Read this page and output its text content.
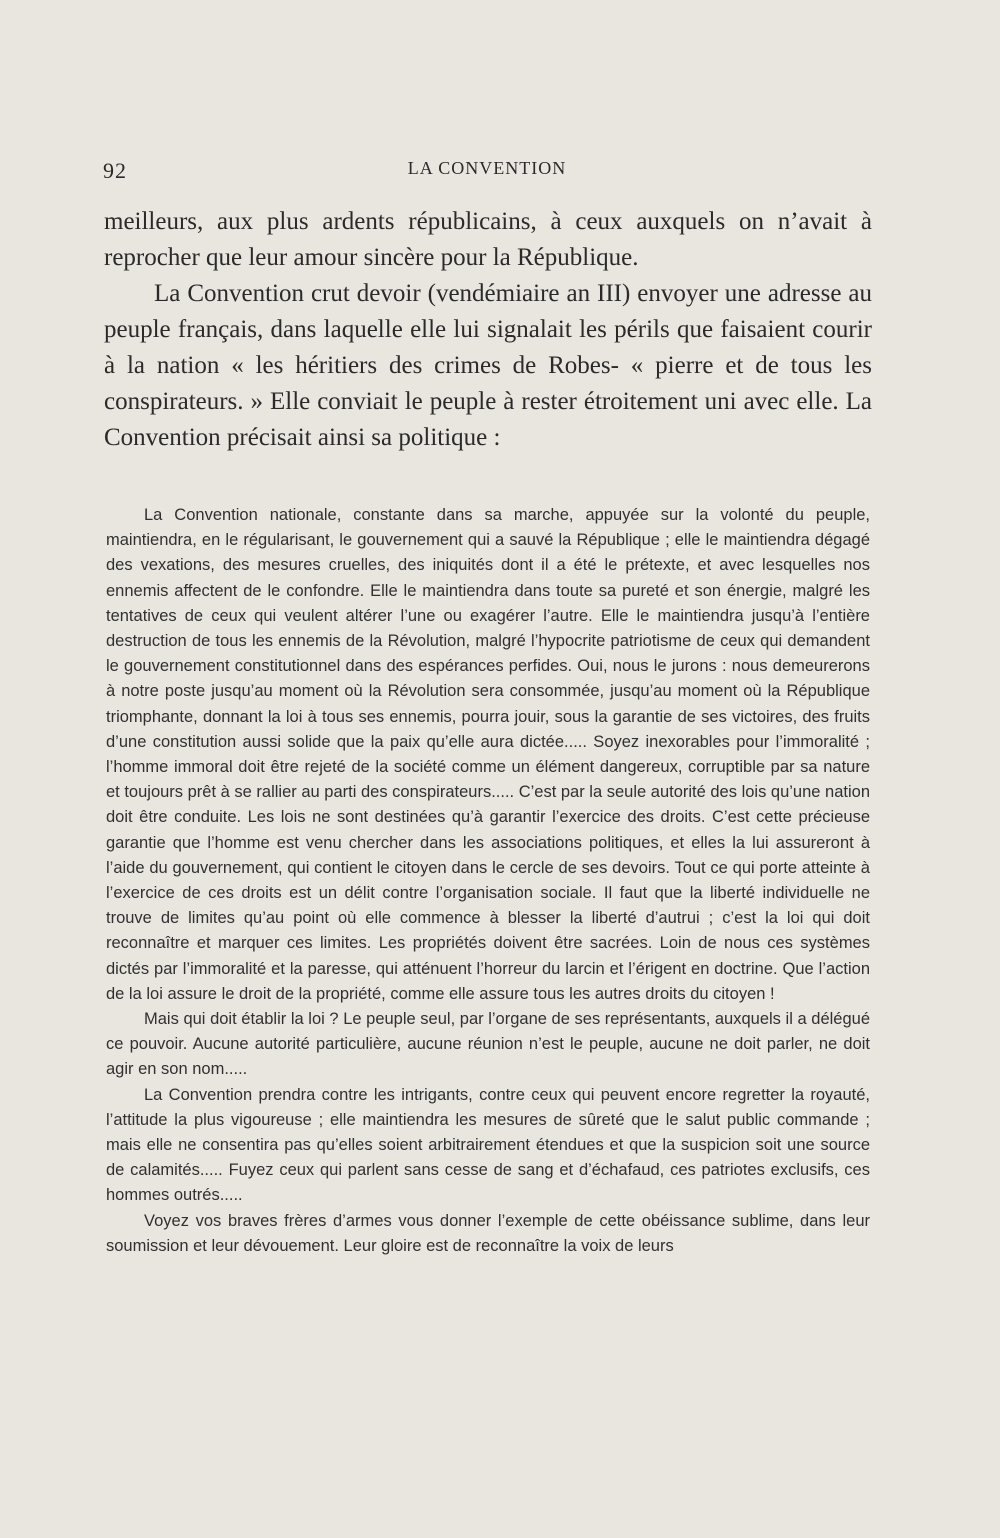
92	LA CONVENTION

meilleurs, aux plus ardents républicains, à ceux auxquels on n’avait à reprocher que leur amour sincère pour la République.

La Convention crut devoir (vendémiaire an III) envoyer une adresse au peuple français, dans laquelle elle lui signalait les périls que faisaient courir à la nation « les héritiers des crimes de Robes- « pierre et de tous les conspirateurs. » Elle conviait le peuple à rester étroitement uni avec elle. La Convention précisait ainsi sa politique :

La Convention nationale, constante dans sa marche, appuyée sur la volonté du peuple, maintiendra, en le régularisant, le gouvernement qui a sauvé la République ; elle le maintiendra dégagé des vexations, des mesures cruelles, des iniquités dont il a été le prétexte, et avec lesquelles nos ennemis affectent de le confondre. Elle le maintiendra dans toute sa pureté et son énergie, malgré les tentatives de ceux qui veulent altérer l’une ou exagérer l’autre. Elle le maintiendra jusqu’à l’entière destruction de tous les ennemis de la Révolution, malgré l’hypocrite patriotisme de ceux qui demandent le gouvernement constitutionnel dans des espérances perfides. Oui, nous le jurons : nous demeurerons à notre poste jusqu’au moment où la Révolution sera consommée, jusqu’au moment où la République triomphante, donnant la loi à tous ses ennemis, pourra jouir, sous la garantie de ses victoires, des fruits d’une constitution aussi solide que la paix qu’elle aura dictée..... Soyez inexorables pour l’immoralité ; l’homme immoral doit être rejeté de la société comme un élément dangereux, corruptible par sa nature et toujours prêt à se rallier au parti des conspirateurs..... C’est par la seule autorité des lois qu’une nation doit être conduite. Les lois ne sont destinées qu’à garantir l’exercice des droits. C’est cette précieuse garantie que l’homme est venu chercher dans les associations politiques, et elles la lui assureront à l’aide du gouvernement, qui contient le citoyen dans le cercle de ses devoirs. Tout ce qui porte atteinte à l’exercice de ces droits est un délit contre l’organisation sociale. Il faut que la liberté individuelle ne trouve de limites qu’au point où elle commence à blesser la liberté d’autrui ; c’est la loi qui doit reconnaître et marquer ces limites. Les propriétés doivent être sacrées. Loin de nous ces systèmes dictés par l’immoralité et la paresse, qui atténuent l’horreur du larcin et l’érigent en doctrine. Que l’action de la loi assure le droit de la propriété, comme elle assure tous les autres droits du citoyen !

Mais qui doit établir la loi ? Le peuple seul, par l’organe de ses représentants, auxquels il a délégué ce pouvoir. Aucune autorité particulière, aucune réunion n’est le peuple, aucune ne doit parler, ne doit agir en son nom.....

La Convention prendra contre les intrigants, contre ceux qui peuvent encore regretter la royauté, l’attitude la plus vigoureuse ; elle maintiendra les mesures de sûreté que le salut public commande ; mais elle ne consentira pas qu’elles soient arbitrairement étendues et que la suspicion soit une source de calamités..... Fuyez ceux qui parlent sans cesse de sang et d’échafaud, ces patriotes exclusifs, ces hommes outrés.....

Voyez vos braves frères d’armes vous donner l’exemple de cette obéissance sublime, dans leur soumission et leur dévouement. Leur gloire est de reconnaître la voix de leurs
